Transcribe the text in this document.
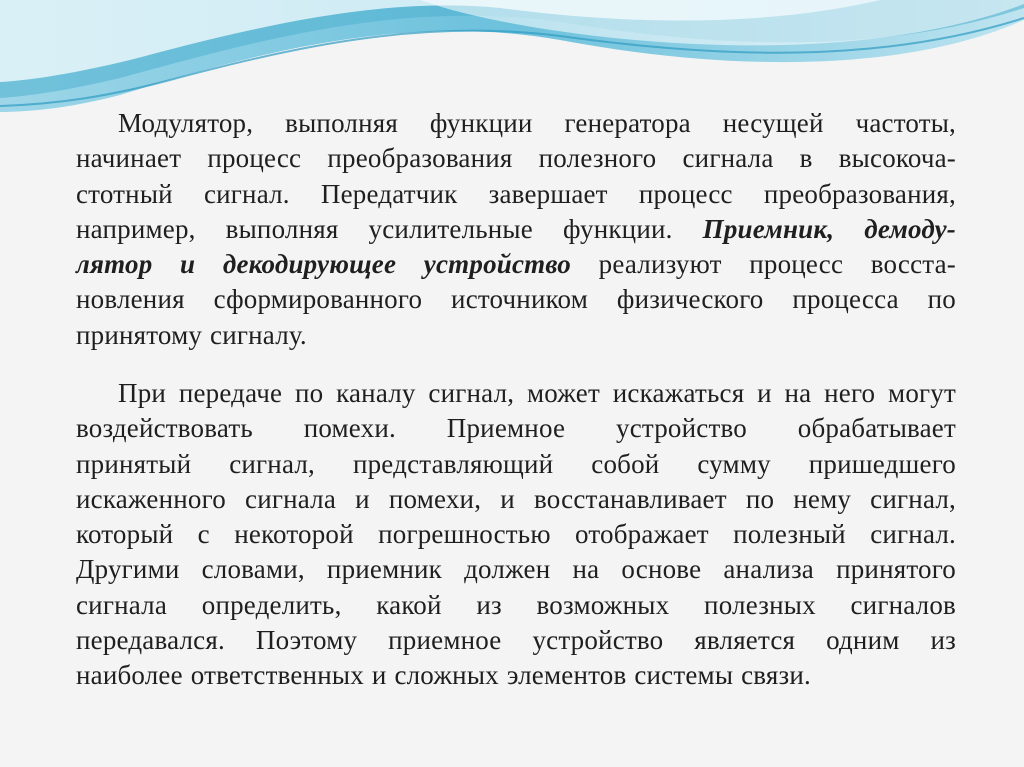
Модулятор, выполняя функции генератора несущей частоты,
начинает процесс преобразования полезного сигнала в высокоча-
стотный сигнал. Передатчик завершает процесс преобразования,
например, выполняя усилительные функции. Приемник, демоду-
лятор и декодирующее устройство реализуют процесс восста-
новления сформированного источником физического процесса по
принятому сигналу.
При передаче по каналу сигнал, может искажаться и на него могут
воздействовать помехи. Приемное устройство обрабатывает
принятый сигнал, представляющий собой сумму пришедшего
искаженного сигнала и помехи, и восстанавливает по нему сигнал,
который с некоторой погрешностью отображает полезный сигнал.
Другими словами, приемник должен на основе анализа принятого
сигнала определить, какой из возможных полезных сигналов
передавался. Поэтому приемное устройство является одним из
наиболее ответственных и сложных элементов системы связи.
